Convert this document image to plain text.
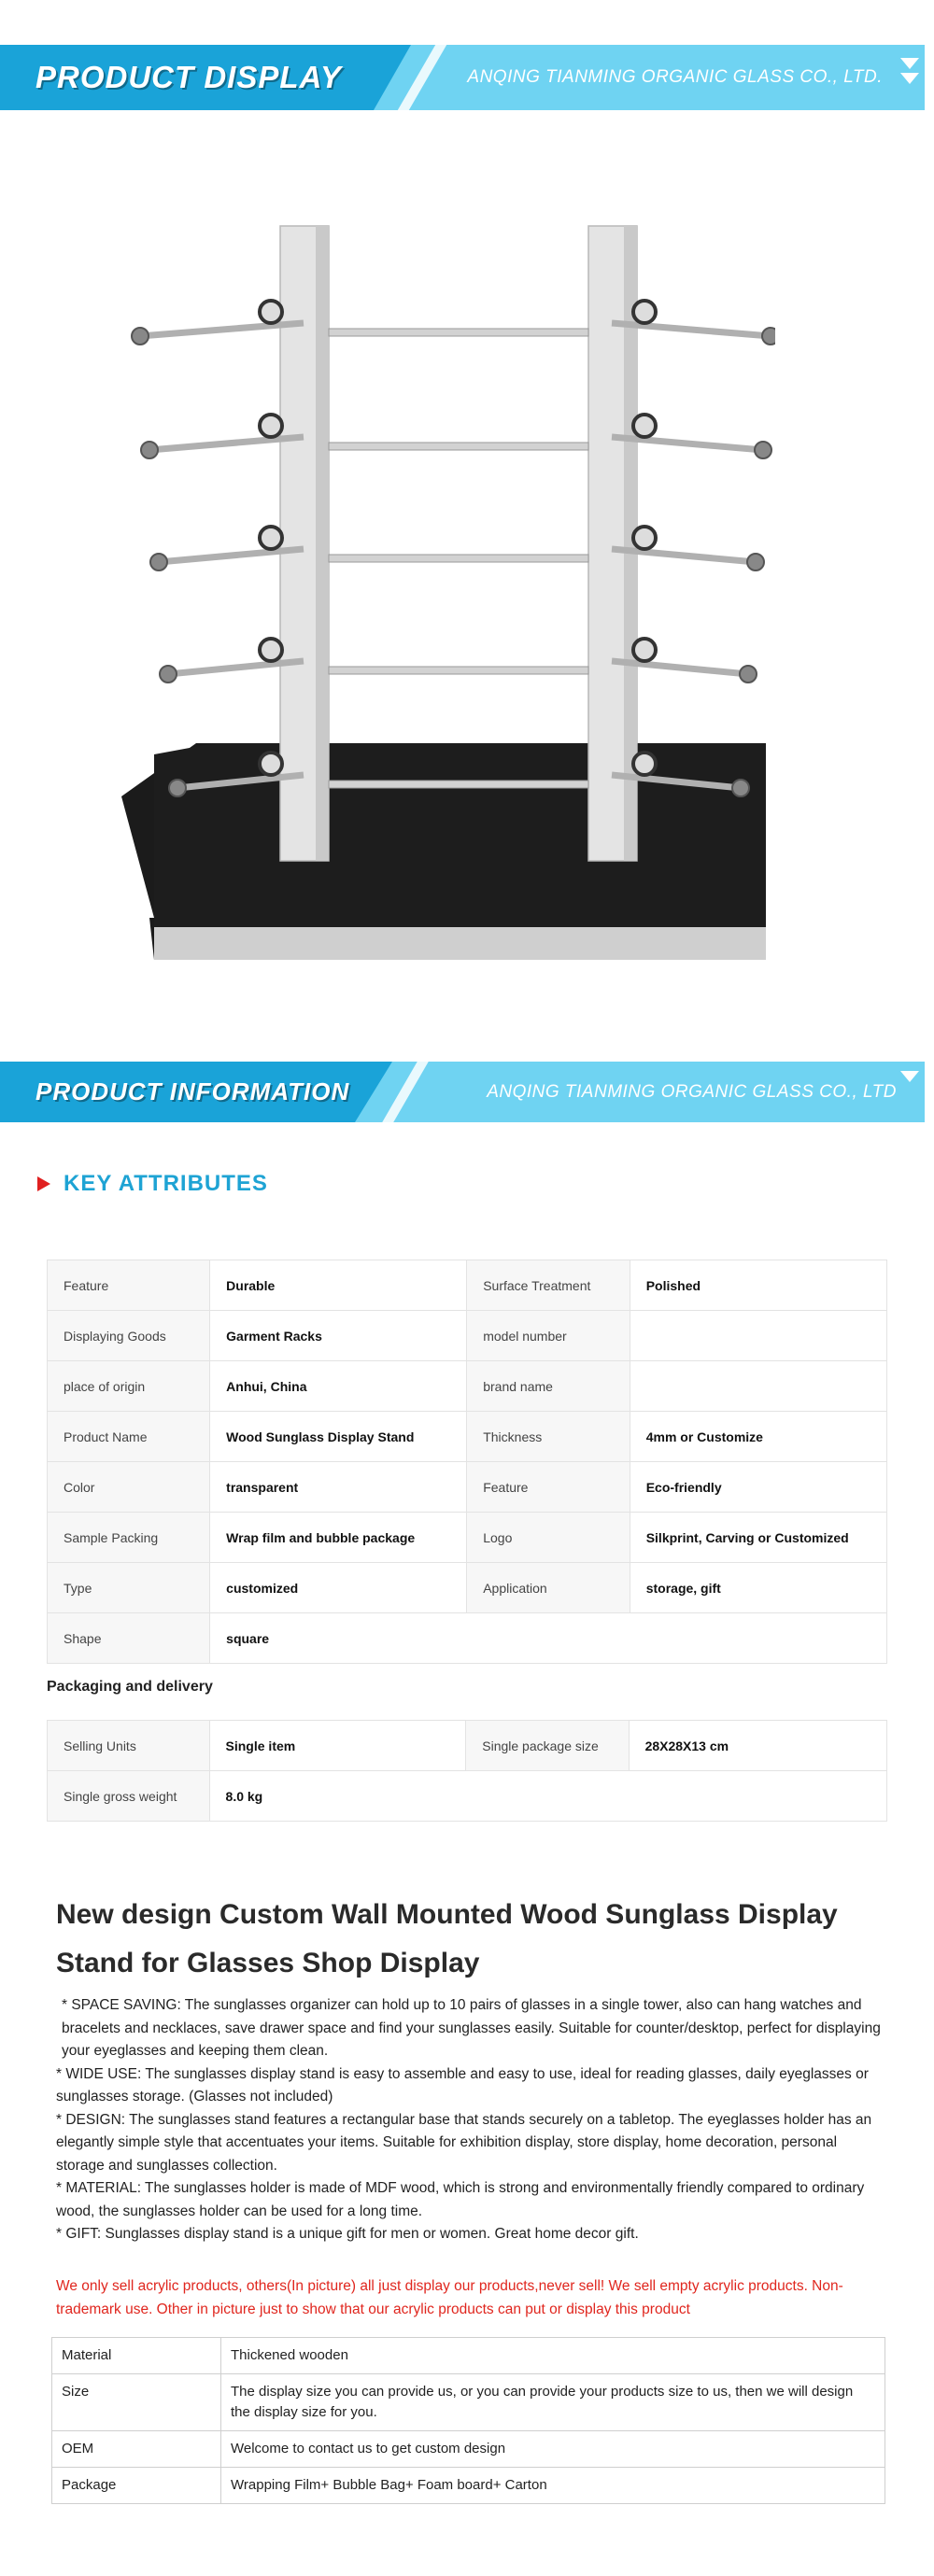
PRODUCT DISPLAY	ANQING TIANMING ORGANIC GLASS CO., LTD.
PRODUCT INFORMATION	ANQING TIANMING ORGANIC GLASS CO., LTD
KEY ATTRIBUTES
Feature	Durable	Surface Treatment	Polished
Displaying Goods	Garment Racks	model number	
place of origin	Anhui, China	brand name	
Product Name	Wood Sunglass Display Stand	Thickness	4mm or Customize
Color	transparent	Feature	Eco-friendly
Sample Packing	Wrap film and bubble package	Logo	Silkprint, Carving or Customized
Type	customized	Application	storage, gift
Shape	square		
Packaging and delivery
Selling Units	Single item	Single package size	28X28X13 cm
Single gross weight	8.0 kg		
New design Custom Wall Mounted Wood Sunglass Display Stand for Glasses Shop Display

* SPACE SAVING: The sunglasses organizer can hold up to 10 pairs of glasses in a single tower, also can hang watches and bracelets and necklaces, save drawer space and find your sunglasses easily. Suitable for counter/desktop, perfect for displaying your eyeglasses and keeping them clean.

* WIDE USE: The sunglasses display stand is easy to assemble and easy to use, ideal for reading glasses, daily eyeglasses or sunglasses storage. (Glasses not included)

* DESIGN: The sunglasses stand features a rectangular base that stands securely on a tabletop. The eyeglasses holder has an elegantly simple style that accentuates your items. Suitable for exhibition display, store display, home decoration, personal storage and sunglasses collection.

* MATERIAL: The sunglasses holder is made of MDF wood, which is strong and environmentally friendly compared to ordinary wood, the sunglasses holder can be used for a long time.

* GIFT: Sunglasses display stand is a unique gift for men or women. Great home decor gift.

We only sell acrylic products, others(In picture) all just display our products,never sell! We sell empty acrylic products. Non-trademark use. Other in picture just to show that our acrylic products can put or display this product
Material	Thickened wooden
Size	The display size you can provide us, or you can provide your products size to us, then we will design the display size for you.
OEM	Welcome to contact us to get custom design
Package	Wrapping Film+ Bubble Bag+ Foam board+ Carton
